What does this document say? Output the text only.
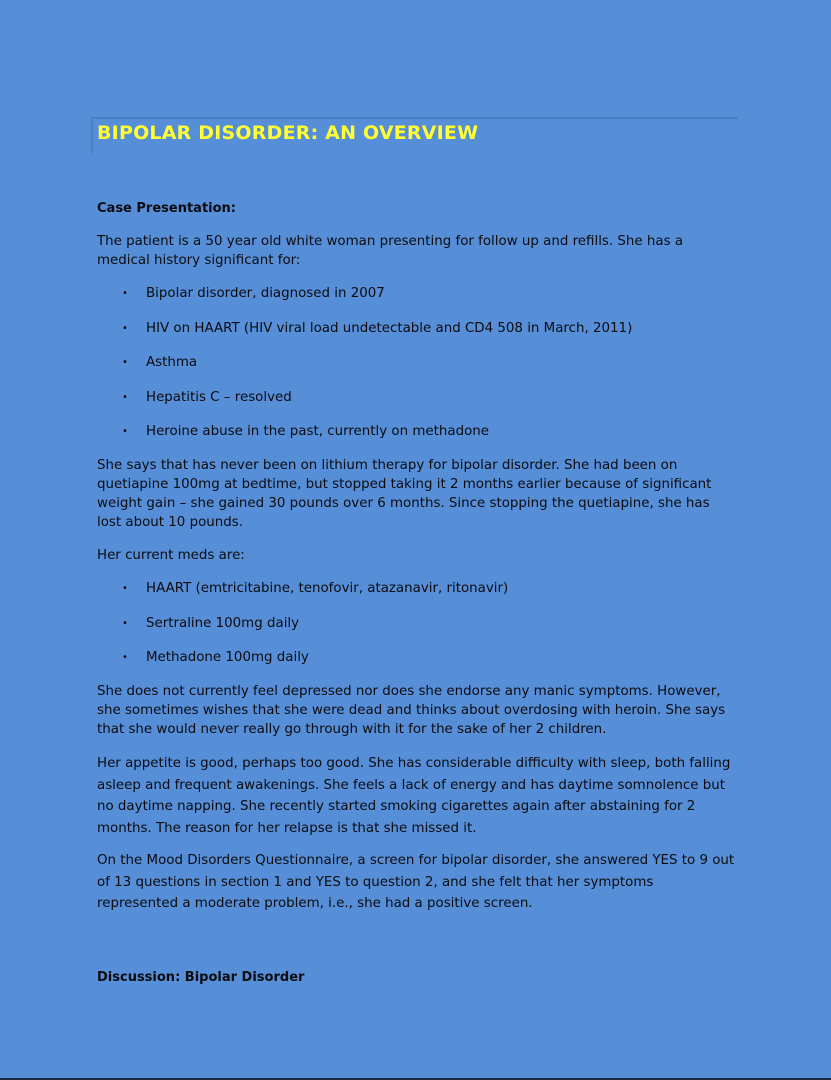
BIPOLAR DISORDER: AN OVERVIEW
Case Presentation:
The patient is a 50 year old white woman presenting for follow up and refills. She has a medical history significant for:
• Bipolar disorder, diagnosed in 2007
• HIV on HAART (HIV viral load undetectable and CD4 508 in March, 2011)
• Asthma
• Hepatitis C – resolved
• Heroine abuse in the past, currently on methadone
She says that has never been on lithium therapy for bipolar disorder. She had been on quetiapine 100mg at bedtime, but stopped taking it 2 months earlier because of significant weight gain – she gained 30 pounds over 6 months. Since stopping the quetiapine, she has lost about 10 pounds.
Her current meds are:
• HAART (emtricitabine, tenofovir, atazanavir, ritonavir)
• Sertraline 100mg daily
• Methadone 100mg daily
She does not currently feel depressed nor does she endorse any manic symptoms. However, she sometimes wishes that she were dead and thinks about overdosing with heroin. She says that she would never really go through with it for the sake of her 2 children.
Her appetite is good, perhaps too good. She has considerable difficulty with sleep, both falling asleep and frequent awakenings. She feels a lack of energy and has daytime somnolence but no daytime napping. She recently started smoking cigarettes again after abstaining for 2 months. The reason for her relapse is that she missed it.
On the Mood Disorders Questionnaire, a screen for bipolar disorder, she answered YES to 9 out of 13 questions in section 1 and YES to question 2, and she felt that her symptoms represented a moderate problem, i.e., she had a positive screen.
Discussion: Bipolar Disorder
